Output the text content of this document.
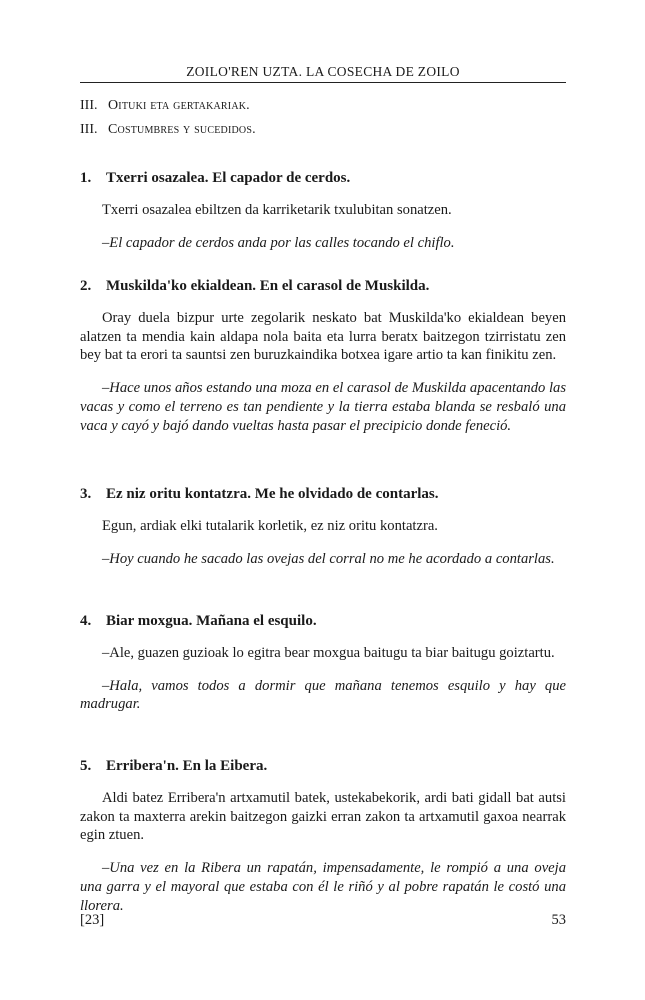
ZOILO'REN UZTA. LA COSECHA DE ZOILO
III. Oituki eta gertakariak.
III. Costumbres y sucedidos.
1. Txerri osazalea. El capador de cerdos.

Txerri osazalea ebiltzen da karriketarik txulubitan sonatzen.

–El capador de cerdos anda por las calles tocando el chiflo.

2. Muskilda'ko ekialdean. En el carasol de Muskilda.

Oray duela bizpur urte zegolarik neskato bat Muskilda'ko ekialdean beyen alatzen ta mendia kain aldapa nola baita eta lurra beratx baitzegon tzirristatu zen bey bat ta erori ta sauntsi zen buruzkaindika botxea igare artio ta kan finikitu zen.

–Hace unos años estando una moza en el carasol de Muskilda apacentando las vacas y como el terreno es tan pendiente y la tierra estaba blanda se resbaló una vaca y cayó y bajó dando vueltas hasta pasar el precipicio donde feneció.

3. Ez niz oritu kontatzra. Me he olvidado de contarlas.

Egun, ardiak elki tutalarik korletik, ez niz oritu kontatzra.

–Hoy cuando he sacado las ovejas del corral no me he acordado a contarlas.

4. Biar moxgua. Mañana el esquilo.

–Ale, guazen guzioak lo egitra bear moxgua baitugu ta biar baitugu goiztartu.

–Hala, vamos todos a dormir que mañana tenemos esquilo y hay que madrugar.

5. Erribera'n. En la Eibera.

Aldi batez Erribera'n artxamutil batek, ustekabekorik, ardi bati gidall bat autsi zakon ta maxterra arekin baitzegon gaizki erran zakon ta artxamutil gaxoa nearrak egin ztuen.

–Una vez en la Ribera un rapatán, impensadamente, le rompió a una oveja una garra y el mayoral que estaba con él le riñó y al pobre rapatán le costó una llorera.

[23]	53
